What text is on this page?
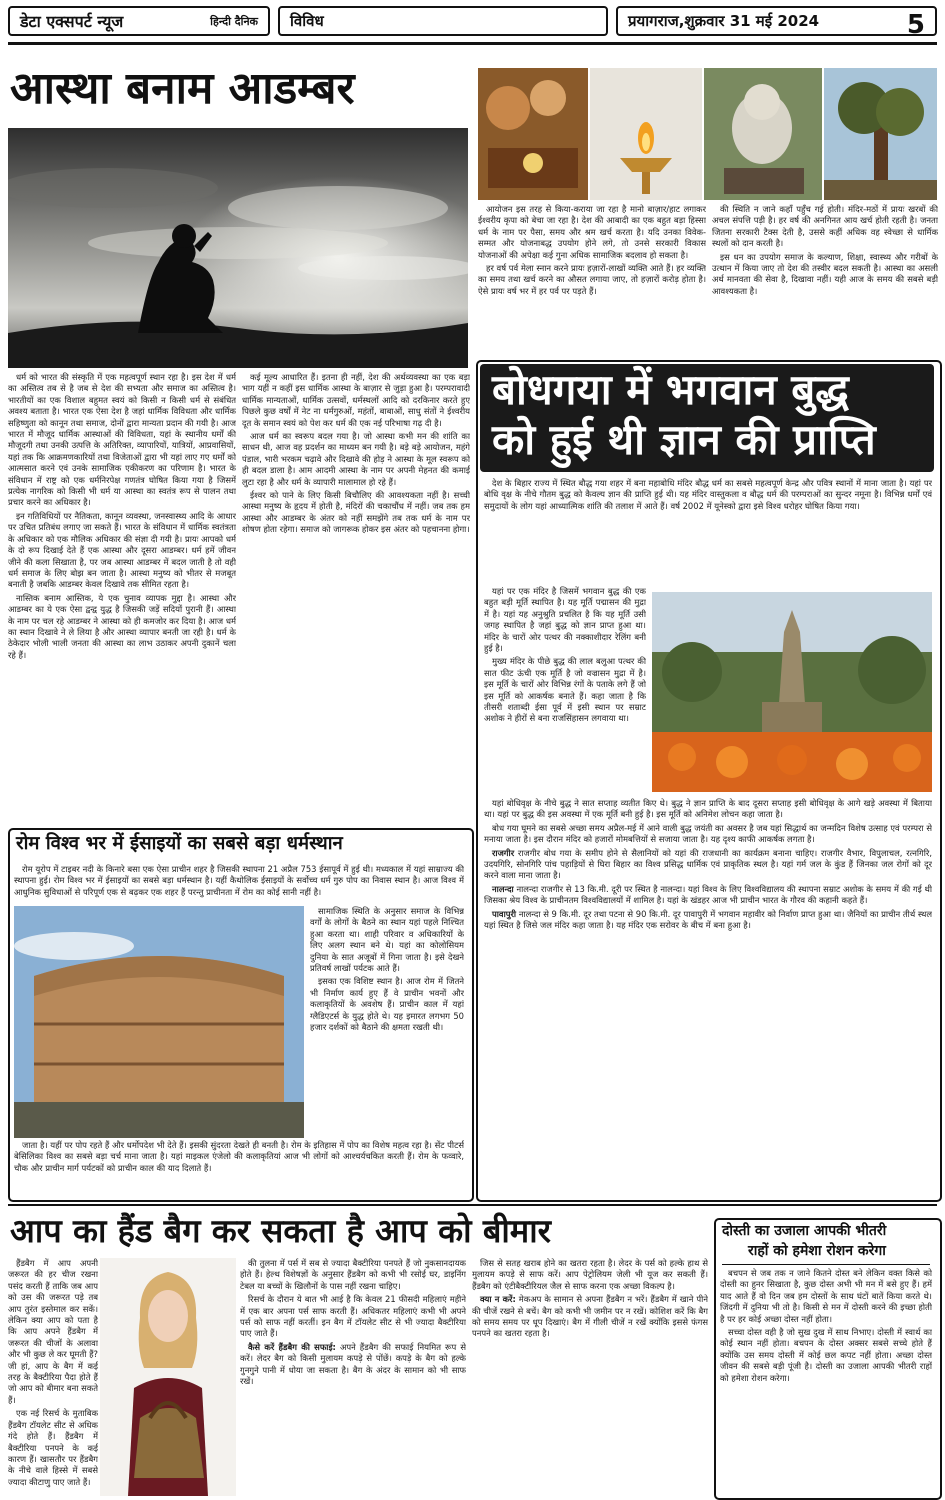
डेटा एक्सपर्ट न्यूज	हिन्दी दैनिक विविध	प्रयागराज,शुक्रवार 31 मई 2024	5
आस्था बनाम आडम्बर

धर्म को भारत की संस्कृति में एक महत्वपूर्ण स्थान रहा है। इस देश में धर्म का अस्तित्व तब से है जब से देश की सभ्यता और समाज का अस्तित्व है। भारतीयों का एक विशाल बहुमत स्वयं को किसी न किसी धर्म से संबंधित अवश्य बताता है। भारत एक ऐसा देश है जहां धार्मिक विविधता और धार्मिक सहिष्णुता को कानून तथा समाज, दोनों द्वारा मान्यता प्रदान की गयी है। आज भारत में मौजूद धार्मिक आस्थाओं की विविधता, यहां के स्थानीय धर्मों की मौजूदगी तथा उनकी उत्पत्ति के अतिरिक्त, व्यापारियों, यात्रियों, आप्रवासियों, यहां तक कि आक्रमणकारियों तथा विजेताओं द्वारा भी यहां लाए गए धर्मों को आत्मसात करने एवं उनके सामाजिक एकीकरण का परिणाम है। भारत के संविधान में राष्ट्र को एक धर्मनिरपेक्ष गणतंत्र घोषित किया गया है जिसमें प्रत्येक नागरिक को किसी भी धर्म या आस्था का स्वतंत्र रूप से पालन तथा प्रचार करने का अधिकार है।

इन गतिविधियों पर नैतिकता, कानून व्यवस्था, जनस्वास्थ्य आदि के आधार पर उचित प्रतिबंध लगाए जा सकते हैं। भारत के संविधान में धार्मिक स्वतंत्रता के अधिकार को एक मौलिक अधिकार की संज्ञा दी गयी है। प्रायः आपको धर्म के दो रूप दिखाई देते हैं एक आस्था और दूसरा आडम्बर। धर्म हमें जीवन जीने की कला सिखाता है, पर जब आस्था आडम्बर में बदल जाती है तो वही धर्म समाज के लिए बोझ बन जाता है। आस्था मनुष्य को भीतर से मजबूत बनाती है जबकि आडम्बर केवल दिखावे तक सीमित रहता है।

नास्तिक बनाम आस्तिक, ये एक चुनाव व्यापक मुद्दा है। आस्था और आडम्बर का ये एक ऐसा द्वन्द्व युद्ध है जिसकी जड़ें सदियों पुरानी हैं। आस्था के नाम पर चल रहे आडम्बर ने आस्था को ही कमजोर कर दिया है। आज धर्म का स्थान दिखावे ने ले लिया है और आस्था व्यापार बनती जा रही है। धर्म के ठेकेदार भोली भाली जनता की आस्था का लाभ उठाकर अपनी दुकानें चला रहे हैं।

कई मूल्य आधारित हैं। इतना ही नहीं, देश की अर्थव्यवस्था का एक बड़ा भाग यहीं न कहीं इस धार्मिक आस्था के बाज़ार से जुड़ा हुआ है। परम्परावादी धार्मिक मान्यताओं, धार्मिक उत्सवों, धर्मस्थलों आदि को दरकिनार करते हुए पिछले कुछ वर्षों में नेट ना धर्मगुरुओं, महंतों, बाबाओं, साधु संतों ने ईश्वरीय दूत के समान स्वयं को पेश कर धर्म की एक नई परिभाषा गढ़ दी है।

आज धर्म का स्वरूप बदल गया है। जो आस्था कभी मन की शांति का साधन थी, आज वह प्रदर्शन का माध्यम बन गयी है। बड़े बड़े आयोजन, महंगे पंडाल, भारी भरकम चढ़ावे और दिखावे की होड़ ने आस्था के मूल स्वरूप को ही बदल डाला है। आम आदमी आस्था के नाम पर अपनी मेहनत की कमाई लुटा रहा है और धर्म के व्यापारी मालामाल हो रहे हैं।

ईश्वर को पाने के लिए किसी बिचौलिए की आवश्यकता नहीं है। सच्ची आस्था मनुष्य के हृदय में होती है, मंदिरों की चकाचौंध में नहीं। जब तक हम आस्था और आडम्बर के अंतर को नहीं समझेंगे तब तक धर्म के नाम पर शोषण होता रहेगा। समाज को जागरूक होकर इस अंतर को पहचानना होगा।

आयोजन इस तरह से किया-कराया जा रहा है मानो बाज़ार/हाट लगाकर ईश्वरीय कृपा को बेचा जा रहा है। देश की आबादी का एक बहुत बड़ा हिस्सा धर्म के नाम पर पैसा, समय और श्रम खर्च करता है। यदि उनका विवेक-सम्मत और योजनाबद्ध उपयोग होने लगे, तो उनसे सरकारी विकास योजनाओं की अपेक्षा कई गुना अधिक सामाजिक बदलाव हो सकता है।

हर वर्ष पर्व मेला स्नान करने प्रायः हज़ारों-लाखों व्यक्ति आते हैं। हर व्यक्ति का समय तथा खर्च करने का औसत लगाया जाए, तो हज़ारों करोड़ होता है। ऐसे प्रायः वर्ष भर में हर पर्व पर पड़ते हैं।

की स्थिति न जाने कहाँ पहुँच गई होती। मंदिर-मठों में प्रायः खरबों की अचल संपत्ति पड़ी है। हर वर्ष की अनगिनत आय खर्च होती रहती है। जनता जितना सरकारी टैक्स देती है, उससे कहीं अधिक वह स्वेच्छा से धार्मिक स्थलों को दान करती है।

इस धन का उपयोग समाज के कल्याण, शिक्षा, स्वास्थ्य और गरीबों के उत्थान में किया जाए तो देश की तस्वीर बदल सकती है। आस्था का असली अर्थ मानवता की सेवा है, दिखावा नहीं। यही आज के समय की सबसे बड़ी आवश्यकता है।

बोधगया में भगवान बुद्ध
को हुई थी ज्ञान की प्राप्ति

देश के बिहार राज्य में स्थित बौद्ध गया शहर में बना महाबोधि मंदिर बौद्ध धर्म का सबसे महत्वपूर्ण केन्द्र और पवित्र स्थानों में माना जाता है। यहां पर बोधि वृक्ष के नीचे गौतम बुद्ध को कैवल्य ज्ञान की प्राप्ति हुई थी। यह मंदिर वास्तुकला व बौद्ध धर्म की परम्पराओं का सुन्दर नमूना है। विभिन्न धर्मों एवं समुदायों के लोग यहां आध्यात्मिक शांति की तलाश में आते हैं। वर्ष 2002 में यूनेस्को द्वारा इसे विश्व धरोहर घोषित किया गया।

यहां पर एक मंदिर है जिसमें भगवान बुद्ध की एक बहुत बड़ी मूर्ति स्थापित है। यह मूर्ति पद्मासन की मुद्रा में है। यहां यह अनुश्रुति प्रचलित है कि यह मूर्ति उसी जगह स्थापित है जहां बुद्ध को ज्ञान प्राप्त हुआ था। मंदिर के चारों ओर पत्थर की नक्काशीदार रेलिंग बनी हुई है।

मुख्य मंदिर के पीछे बुद्ध की लाल बलुआ पत्थर की सात फीट ऊंची एक मूर्ति है जो वज्रासन मुद्रा में है। इस मूर्ति के चारों ओर विभिन्न रंगों के पताके लगे हैं जो इस मूर्ति को आकर्षक बनाते हैं। कहा जाता है कि तीसरी शताब्दी ईसा पूर्व में इसी स्थान पर सम्राट अशोक ने हीरों से बना राजसिंहासन लगवाया था।

यहां बोधिवृक्ष के नीचे बुद्ध ने सात सप्ताह व्यतीत किए थे। बुद्ध ने ज्ञान प्राप्ति के बाद दूसरा सप्ताह इसी बोधिवृक्ष के आगे खड़े अवस्था में बिताया था। यहां पर बुद्ध की इस अवस्था में एक मूर्ति बनी हुई है। इस मूर्ति को अनिमेश लोचन कहा जाता है।

बोध गया घूमने का सबसे अच्छा समय अप्रैल-मई में आने वाली बुद्ध जयंती का अवसर है जब यहां सिद्धार्थ का जन्मदिन विशेष उत्साह एवं परम्परा से मनाया जाता है। इस दौरान मंदिर को हजारों मोमबत्तियों से सजाया जाता है। यह दृश्य काफी आकर्षक लगता है।

राजगीर राजगीर बोध गया के समीप होने से सैलानियों को यहां की राजधानी का कार्यक्रम बनाना चाहिए। राजगीर वैभार, विपुलाचल, रत्नगिरि, उदयगिरि, सोनगिरि पांच पहाड़ियों से घिरा बिहार का विश्व प्रसिद्ध धार्मिक एवं प्राकृतिक स्थल है। यहां गर्म जल के कुंड हैं जिनका जल रोगों को दूर करने वाला माना जाता है।

नालन्दा नालन्दा राजगीर से 13 कि.मी. दूरी पर स्थित है नालन्दा। यहां विश्व के लिए विश्वविद्यालय की स्थापना सम्राट अशोक के समय में की गई थी जिसका श्रेय विश्व के प्राचीनतम विश्वविद्यालयों में शामिल है। यहां के खंडहर आज भी प्राचीन भारत के गौरव की कहानी कहते हैं।

पावापुरी नालन्दा से 9 कि.मी. दूर तथा पटना से 90 कि.मी. दूर पावापुरी में भगवान महावीर को निर्वाण प्राप्त हुआ था। जैनियों का प्राचीन तीर्थ स्थल यहां स्थित है जिसे जल मंदिर कहा जाता है। यह मंदिर एक सरोवर के बीच में बना हुआ है।

रोम विश्व भर में ईसाइयों का सबसे बड़ा धर्मस्थान

रोम यूरोप में टाइबर नदी के किनारे बसा एक ऐसा प्राचीन शहर है जिसकी स्थापना 21 अप्रैल 753 ईसापूर्व में हुई थी। मध्यकाल में यहां साम्राज्य की स्थापना हुई। रोम विश्व भर में ईसाइयों का सबसे बड़ा धर्मस्थान है। यहीं कैथोलिक ईसाइयों के सर्वोच्च धर्म गुरु पोप का निवास स्थान है। आज विश्व में आधुनिक सुविधाओं से परिपूर्ण एक से बढ़कर एक शहर हैं परन्तु प्राचीनता में रोम का कोई सानी नहीं है।

सामाजिक स्थिति के अनुसार समाज के विभिन्न वर्गों के लोगों के बैठने का स्थान यहां पहले निश्चित हुआ करता था। शाही परिवार व अधिकारियों के लिए अलग स्थान बने थे। यहां का कोलोसियम दुनिया के सात अजूबों में गिना जाता है। इसे देखने प्रतिवर्ष लाखों पर्यटक आते हैं।

इसका एक विशिष्ट स्थान है। आज रोम में जितने भी निर्माण कार्य हुए हैं वे प्राचीन भवनों और कलाकृतियों के अवशेष हैं। प्राचीन काल में यहां ग्लैडिएटर्स के युद्ध होते थे। यह इमारत लगभग 50 हजार दर्शकों को बैठाने की क्षमता रखती थी।

जाता है। यहीं पर पोप रहते हैं और धर्मोपदेश भी देते हैं। इसकी सुंदरता देखते ही बनती है। रोम के इतिहास में पोप का विशेष महत्व रहा है। सेंट पीटर्स बेसिलिका विश्व का सबसे बड़ा चर्च माना जाता है। यहां माइकल एंजेलो की कलाकृतियां आज भी लोगों को आश्चर्यचकित करती हैं। रोम के फव्वारे, चौक और प्राचीन मार्ग पर्यटकों को प्राचीन काल की याद दिलाते हैं।

आप का हैंड बैग कर सकता है आप को बीमार

हैंडबैग में आप अपनी जरूरत की हर चीज रखना पसंद करती हैं ताकि जब आप को उस की जरूरत पड़े तब आप तुरंत इस्तेमाल कर सकें। लेकिन क्या आप को पता है कि आप अपने हैंडबैग में जरूरत की चीजों के अलावा और भी कुछ ले कर घूमती हैं? जी हां, आप के बैग में कई तरह के बैक्टीरिया पैदा होते हैं जो आप को बीमार बना सकते हैं।

एक नई रिसर्च के मुताबिक हैंडबैग टॉयलेट सीट से अधिक गंदे होते हैं। हैंडबैग में बैक्टीरिया पनपने के कई कारण हैं। खासतौर पर हैंडबैग के नीचे वाले हिस्से में सबसे ज्यादा कीटाणु पाए जाते हैं।

की तुलना में पर्स में सब से ज्यादा बैक्टीरिया पनपते हैं जो नुकसानदायक होते हैं। हेल्थ विशेषज्ञों के अनुसार हैंडबैग को कभी भी रसोई घर, डाइनिंग टेबल या बच्चों के खिलौनों के पास नहीं रखना चाहिए।

रिसर्च के दौरान ये बात भी आई है कि केवल 21 फीसदी महिलाएं महीने में एक बार अपना पर्स साफ करती हैं। अधिकतर महिलाएं कभी भी अपने पर्स को साफ नहीं करतीं। इन बैग में टॉयलेट सीट से भी ज्यादा बैक्टीरिया पाए जाते हैं।

कैसे करें हैंडबैग की सफाई: अपने हैंडबैग की सफाई नियमित रूप से करें। लेदर बैग को किसी मुलायम कपड़े से पोंछें। कपड़े के बैग को हल्के गुनगुने पानी में धोया जा सकता है। बैग के अंदर के सामान को भी साफ रखें।

जिस से सतह खराब होने का खतरा रहता है। लेदर के पर्स को हल्के हाथ से मुलायम कपड़े से साफ करें। आप पेट्रोलियम जेली भी यूज कर सकती हैं। हैंडबैग को एंटीबैक्टीरियल जैल से साफ करना एक अच्छा विकल्प है।

क्या न करें: मेकअप के सामान से अपना हैंडबैग न भरें। हैंडबैग में खाने पीने की चीजें रखने से बचें। बैग को कभी भी जमीन पर न रखें। कोशिश करें कि बैग को समय समय पर धूप दिखाएं। बैग में गीली चीजें न रखें क्योंकि इससे फंगस पनपने का खतरा रहता है।

दोस्ती का उजाला आपकी भीतरी
राहों को हमेशा रोशन करेगा

बचपन से जब तक न जाने कितने दोस्त बने लेकिन वक्त किसे को दोस्ती का हुनर सिखाता है, कुछ दोस्त अभी भी मन में बसे हुए हैं। हमें याद आते हैं वो दिन जब हम दोस्तों के साथ घंटों बातें किया करते थे। जिंदगी में दुनिया भी तो है। किसी से मन में दोस्ती करने की इच्छा होती है पर हर कोई अच्छा दोस्त नहीं होता।

सच्चा दोस्त वही है जो सुख दुख में साथ निभाए। दोस्ती में स्वार्थ का कोई स्थान नहीं होता। बचपन के दोस्त अक्सर सबसे सच्चे होते हैं क्योंकि उस समय दोस्ती में कोई छल कपट नहीं होता। अच्छा दोस्त जीवन की सबसे बड़ी पूंजी है। दोस्ती का उजाला आपकी भीतरी राहों को हमेशा रोशन करेगा।
